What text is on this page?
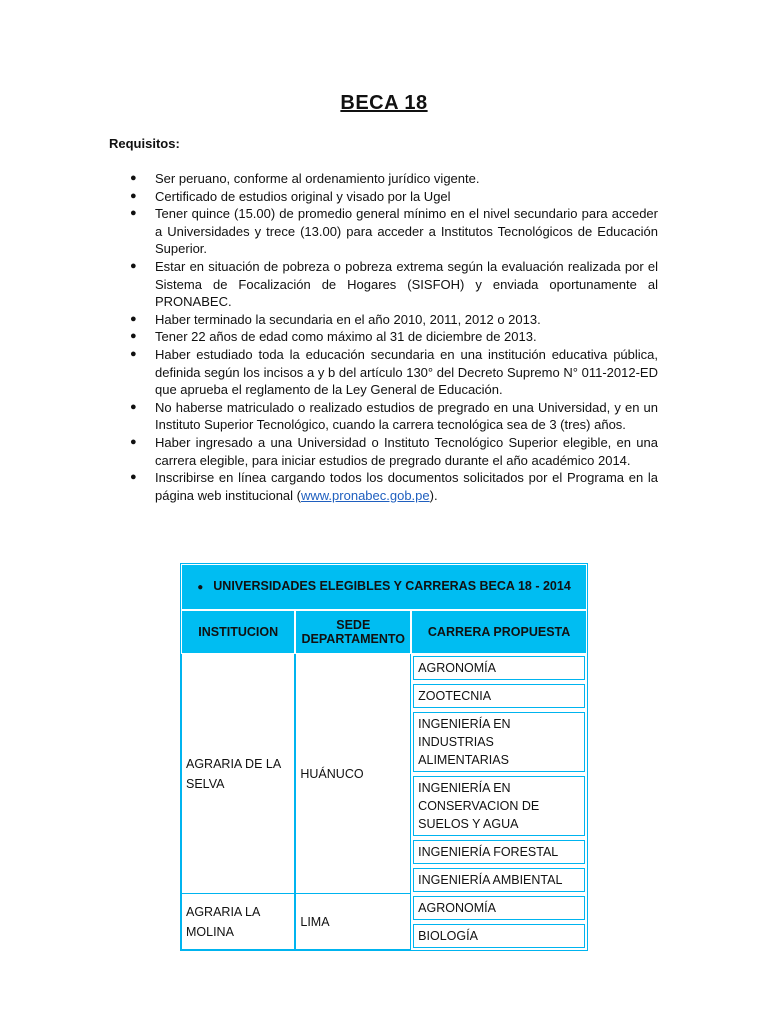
BECA 18
Requisitos:
● Ser peruano, conforme al ordenamiento jurídico vigente.
● Certificado de estudios original y visado por la Ugel
● Tener quince (15.00) de promedio general mínimo en el nivel secundario para acceder a Universidades y trece (13.00) para acceder a Institutos Tecnológicos de Educación Superior.
● Estar en situación de pobreza o pobreza extrema según la evaluación realizada por el Sistema de Focalización de Hogares (SISFOH) y enviada oportunamente al PRONABEC.
● Haber terminado la secundaria en el año 2010, 2011, 2012 o 2013.
● Tener 22 años de edad como máximo al 31 de diciembre de 2013.
● Haber estudiado toda la educación secundaria en una institución educativa pública, definida según los incisos a y b del artículo 130° del Decreto Supremo N° 011-2012-ED que aprueba el reglamento de la Ley General de Educación.
● No haberse matriculado o realizado estudios de pregrado en una Universidad, y en un Instituto Superior Tecnológico, cuando la carrera tecnológica sea de 3 (tres) años.
● Haber ingresado a una Universidad o Instituto Tecnológico Superior elegible, en una carrera elegible, para iniciar estudios de pregrado durante el año académico 2014.
● Inscribirse en línea cargando todos los documentos solicitados por el Programa en la página web institucional (www.pronabec.gob.pe).
● UNIVERSIDADES ELEGIBLES Y CARRERAS BECA 18 - 2014		
INSTITUCION	SEDE DEPARTAMENTO	CARRERA PROPUESTA
AGRARIA DE LA SELVA	HUÁNUCO	AGRONOMÍA

		ZOOTECNIA

		INGENIERÍA EN INDUSTRIAS ALIMENTARIAS

		INGENIERÍA EN CONSERVACION DE SUELOS Y AGUA

		INGENIERÍA FORESTAL

		INGENIERÍA AMBIENTAL

AGRARIA LA MOLINA	LIMA	AGRONOMÍA

		BIOLOGÍA
